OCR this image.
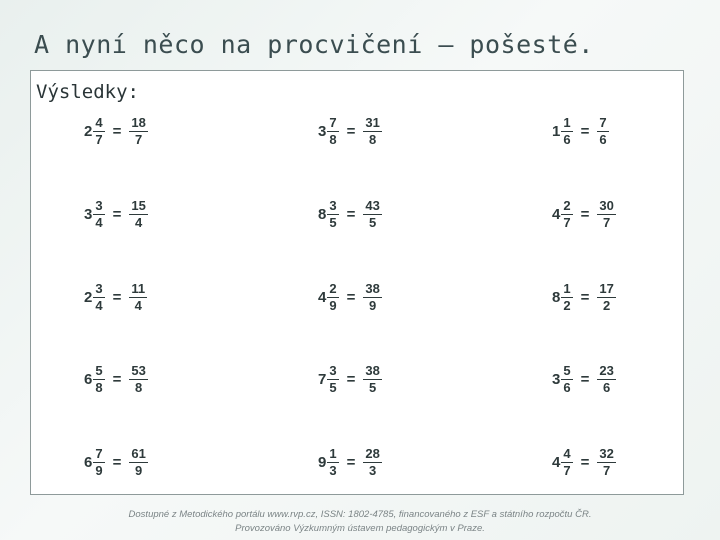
A nyní něco na procvičení – pošesté.
Výsledky:
$2 \frac{4}{7} = \frac{18}{7}$	$3 \frac{7}{8} = \frac{31}{8}$	$1 \frac{1}{6} = \frac{7}{6}$
$3 \frac{3}{4} = \frac{15}{4}$	$8 \frac{3}{5} = \frac{43}{5}$	$4 \frac{2}{7} = \frac{30}{7}$
$2 \frac{3}{4} = \frac{11}{4}$	$4 \frac{2}{9} = \frac{38}{9}$	$8 \frac{1}{2} = \frac{17}{2}$
$6 \frac{5}{8} = \frac{53}{8}$	$7 \frac{3}{5} = \frac{38}{5}$	$3 \frac{5}{6} = \frac{23}{6}$
$6 \frac{7}{9} = \frac{61}{9}$	$9 \frac{1}{3} = \frac{28}{3}$	$4 \frac{4}{7} = \frac{32}{7}$
Dostupné z Metodického portálu www.rvp.cz, ISSN: 1802-4785, financovaného z ESF a státního rozpočtu ČR.
Provozováno Výzkumným ústavem pedagogickým v Praze.
